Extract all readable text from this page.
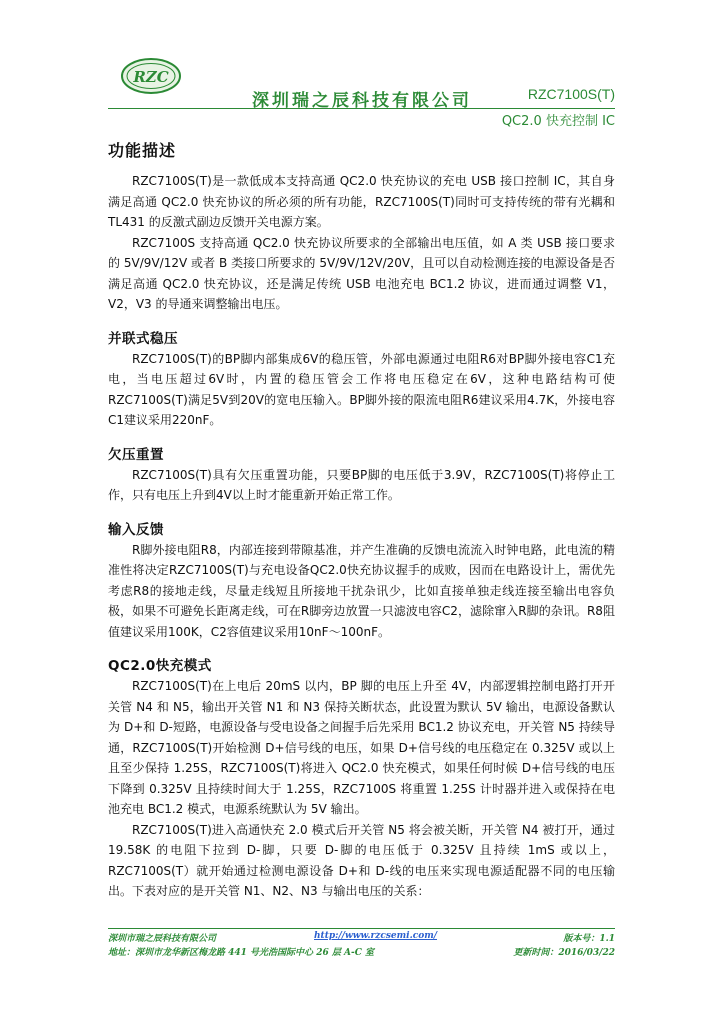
RZC
深圳瑞之辰科技有限公司	RZC7100S(T)
QC2.0 快充控制 IC
功能描述

RZC7100S(T)是一款低成本支持高通 QC2.0 快充协议的充电 USB 接口控制 IC，其自身满足高通 QC2.0 快充协议的所必须的所有功能，RZC7100S(T)同时可支持传统的带有光耦和 TL431 的反激式副边反馈开关电源方案。

RZC7100S 支持高通 QC2.0 快充协议所要求的全部输出电压值，如 A 类 USB 接口要求的 5V/9V/12V 或者 B 类接口所要求的 5V/9V/12V/20V，且可以自动检测连接的电源设备是否满足高通 QC2.0 快充协议，还是满足传统 USB 电池充电 BC1.2 协议，进而通过调整 V1，V2，V3 的导通来调整输出电压。

并联式稳压

RZC7100S(T)的BP脚内部集成6V的稳压管，外部电源通过电阻R6对BP脚外接电容C1充电，当电压超过6V时，内置的稳压管会工作将电压稳定在6V，这种电路结构可使 RZC7100S(T)满足5V到20V的宽电压输入。BP脚外接的限流电阻R6建议采用4.7K，外接电容C1建议采用220nF。

欠压重置

RZC7100S(T)具有欠压重置功能，只要BP脚的电压低于3.9V，RZC7100S(T)将停止工作，只有电压上升到4V以上时才能重新开始正常工作。

输入反馈

R脚外接电阻R8，内部连接到带隙基准，并产生准确的反馈电流流入时钟电路，此电流的精准性将决定RZC7100S(T)与充电设备QC2.0快充协议握手的成败，因而在电路设计上，需优先考虑R8的接地走线，尽量走线短且所接地干扰杂讯少，比如直接单独走线连接至输出电容负极，如果不可避免长距离走线，可在R脚旁边放置一只滤波电容C2，滤除窜入R脚的杂讯。R8阻值建议采用100K，C2容值建议采用10nF～100nF。

QC2.0快充模式

RZC7100S(T)在上电后 20mS 以内，BP 脚的电压上升至 4V，内部逻辑控制电路打开开关管 N4 和 N5，输出开关管 N1 和 N3 保持关断状态，此设置为默认 5V 输出，电源设备默认为 D+和 D-短路，电源设备与受电设备之间握手后先采用 BC1.2 协议充电，开关管 N5 持续导通，RZC7100S(T)开始检测 D+信号线的电压，如果 D+信号线的电压稳定在 0.325V 或以上且至少保持 1.25S，RZC7100S(T)将进入 QC2.0 快充模式，如果任何时候 D+信号线的电压下降到 0.325V 且持续时间大于 1.25S，RZC7100S 将重置 1.25S 计时器并进入或保持在电池充电 BC1.2 模式，电源系统默认为 5V 输出。

RZC7100S(T)进入高通快充 2.0 模式后开关管 N5 将会被关断，开关管 N4 被打开，通过 19.58K 的电阻下拉到 D-脚，只要 D-脚的电压低于 0.325V 且持续 1mS 或以上，RZC7100S(T）就开始通过检测电源设备 D+和 D-线的电压来实现电源适配器不同的电压输出。下表对应的是开关管 N1、N2、N3 与输出电压的关系：

深圳市瑞之辰科技有限公司	http://www.rzcsemi.com/	版本号：1.1
地址：深圳市龙华新区梅龙路 441 号光浩国际中心 26 层 A-C 室	更新时间：2016/03/22
